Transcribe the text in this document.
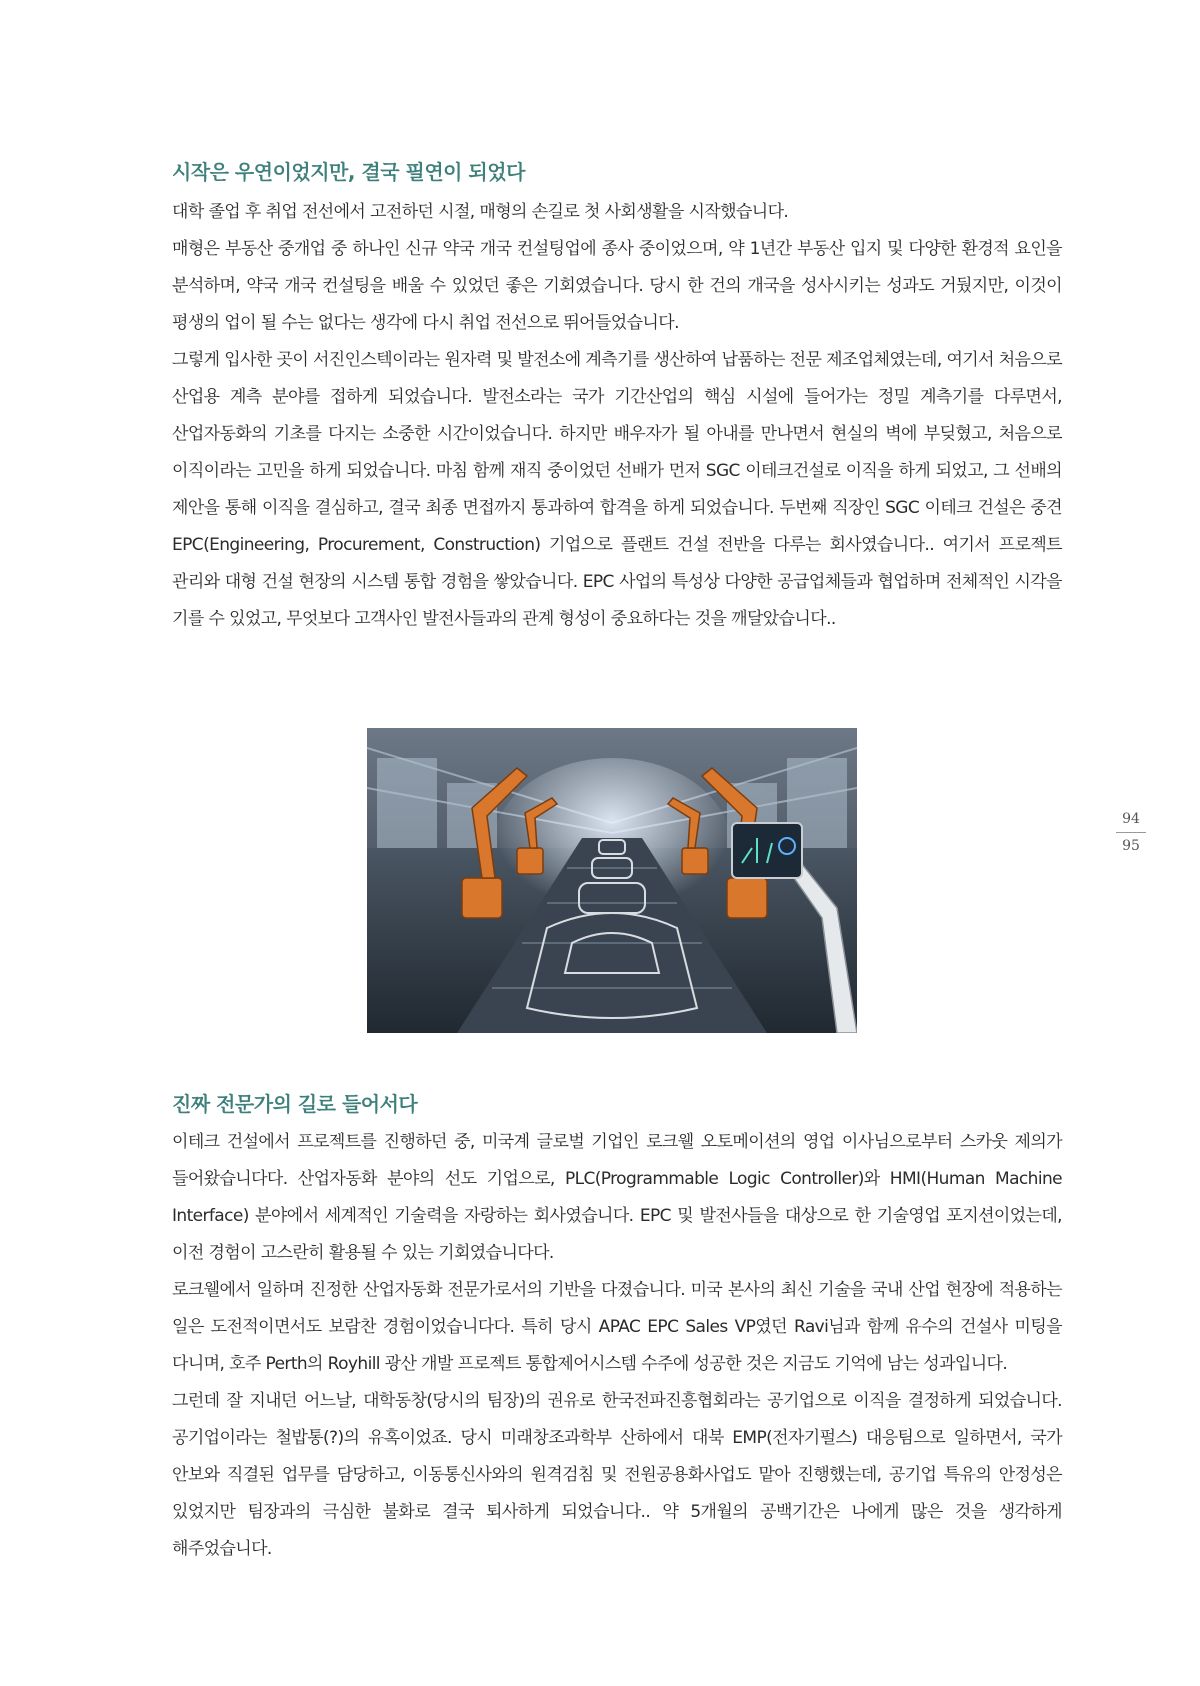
시작은 우연이었지만, 결국 필연이 되었다

대학 졸업 후 취업 전선에서 고전하던 시절, 매형의 손길로 첫 사회생활을 시작했습니다.

매형은 부동산 중개업 중 하나인 신규 약국 개국 컨설팅업에 종사 중이었으며, 약 1년간 부동산 입지 및 다양한 환경적 요인을 분석하며, 약국 개국 컨설팅을 배울 수 있었던 좋은 기회였습니다. 당시 한 건의 개국을 성사시키는 성과도 거뒀지만, 이것이 평생의 업이 될 수는 없다는 생각에 다시 취업 전선으로 뛰어들었습니다.

그렇게 입사한 곳이 서진인스텍이라는 원자력 및 발전소에 계측기를 생산하여 납품하는 전문 제조업체였는데, 여기서 처음으로 산업용 계측 분야를 접하게 되었습니다. 발전소라는 국가 기간산업의 핵심 시설에 들어가는 정밀 계측기를 다루면서, 산업자동화의 기초를 다지는 소중한 시간이었습니다. 하지만 배우자가 될 아내를 만나면서 현실의 벽에 부딪혔고, 처음으로 이직이라는 고민을 하게 되었습니다. 마침 함께 재직 중이었던 선배가 먼저 SGC 이테크건설로 이직을 하게 되었고, 그 선배의 제안을 통해 이직을 결심하고, 결국 최종 면접까지 통과하여 합격을 하게 되었습니다. 두번째 직장인 SGC 이테크 건설은 중견 EPC(Engineering, Procurement, Construction) 기업으로 플랜트 건설 전반을 다루는 회사였습니다.. 여기서 프로젝트 관리와 대형 건설 현장의 시스템 통합 경험을 쌓았습니다. EPC 사업의 특성상 다양한 공급업체들과 협업하며 전체적인 시각을 기를 수 있었고, 무엇보다 고객사인 발전사들과의 관계 형성이 중요하다는 것을 깨달았습니다..

진짜 전문가의 길로 들어서다

이테크 건설에서 프로젝트를 진행하던 중, 미국계 글로벌 기업인 로크웰 오토메이션의 영업 이사님으로부터 스카웃 제의가 들어왔습니다다. 산업자동화 분야의 선도 기업으로, PLC(Programmable Logic Controller)와 HMI(Human Machine Interface) 분야에서 세계적인 기술력을 자랑하는 회사였습니다. EPC 및 발전사들을 대상으로 한 기술영업 포지션이었는데, 이전 경험이 고스란히 활용될 수 있는 기회였습니다다.

로크웰에서 일하며 진정한 산업자동화 전문가로서의 기반을 다졌습니다. 미국 본사의 최신 기술을 국내 산업 현장에 적용하는 일은 도전적이면서도 보람찬 경험이었습니다다. 특히 당시 APAC EPC Sales VP였던 Ravi님과 함께 유수의 건설사 미팅을 다니며, 호주 Perth의 Royhill 광산 개발 프로젝트 통합제어시스템 수주에 성공한 것은 지금도 기억에 남는 성과입니다.

그런데 잘 지내던 어느날, 대학동창(당시의 팀장)의 권유로 한국전파진흥협회라는 공기업으로 이직을 결정하게 되었습니다. 공기업이라는 철밥통(?)의 유혹이었죠. 당시 미래창조과학부 산하에서 대북 EMP(전자기펄스) 대응팀으로 일하면서, 국가 안보와 직결된 업무를 담당하고, 이동통신사와의 원격검침 및 전원공용화사업도 맡아 진행했는데, 공기업 특유의 안정성은 있었지만 팀장과의 극심한 불화로 결국 퇴사하게 되었습니다.. 약 5개월의 공백기간은 나에게 많은 것을 생각하게 해주었습니다.

94
95
